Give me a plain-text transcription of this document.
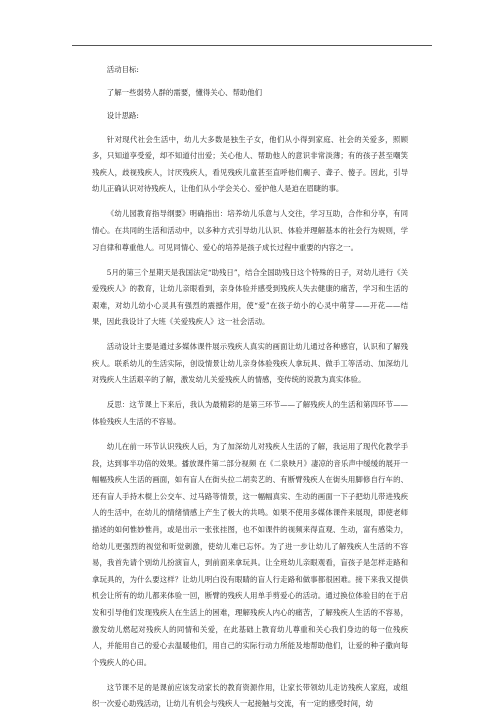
活动目标:

了解一些弱势人群的需要，懂得关心、帮助他们

设计思路:

针对现代社会生活中，幼儿大多数是独生子女，他们从小得到家庭、社会的关爱多，照顾多，只知道享受爱，却不知道付出爱；关心他人、帮助他人的意识非常淡薄；有的孩子甚至嘲笑残疾人，歧视残疾人，讨厌残疾人，看见残疾儿童甚至直呼他们瘸子、聋子、傻子。因此，引导幼儿正确认识对待残疾人，让他们从小学会关心、爱护他人是迫在眉睫的事。

《幼儿园教育指导纲要》明确指出：培养幼儿乐意与人交往，学习互助，合作和分享，有同情心。在共同的生活和活动中，以多种方式引导幼儿认识、体验并理解基本的社会行为规则，学习自律和尊重他人。可见同情心、爱心的培养是孩子成长过程中重要的内容之一。

5月的第三个星期天是我国法定“助残日”，结合全国助残日这个特殊的日子，对幼儿进行《关爱残疾人》的教育，让幼儿亲眼看到，亲身体验并感受到残疾人失去健康的痛苦，学习和生活的艰难，对幼儿幼小心灵具有强烈的震撼作用，使“爱”在孩子幼小的心灵中萌芽——开花——结果，因此我设计了大班《关爱残疾人》这一社会活动。

活动设计主要是通过多媒体课件展示残疾人真实的画面让幼儿通过各种感官，认识和了解残疾人。联系幼儿的生活实际，创设情景让幼儿亲身体验残疾人拿玩具、做手工等活动、加深幼儿对残疾人生活艰辛的了解，激发幼儿关爱残疾人的情感，变传统的说教为真实体验。

反思：这节课上下来后，我认为最精彩的是第三环节——了解残疾人的生活和第四环节——体验残疾人生活的不容易。

幼儿在前一环节认识残疾人后，为了加深幼儿对残疾人生活的了解，我运用了现代化教学手段，达到事半功倍的效果。播放课件第二部分视频 在《二泉映月》凄凉的音乐声中缓缓的展开一幅幅残疾人生活的画面，如有盲人在街头拉二胡卖艺的、有断臂残疾人在街头用脚修自行车的、还有盲人手持木棍上公交车、过马路等情景，这一幅幅真实、生动的画面一下子把幼儿带进残疾人的生活中，在幼儿的情绪情感上产生了极大的共鸣。如果不使用多媒体课件来展现，即使老师描述的如何惟妙惟肖，或是出示一张张挂图，也不如课件的视频来得直观、生动，富有感染力，给幼儿更强烈的视觉和听觉刺激，使幼儿难已忘怀。为了进一步让幼儿了解残疾人生活的不容易，我首先请个别幼儿扮演盲人，到前面来拿玩具。让全班幼儿亲眼观看，盲孩子是怎样走路和拿玩具的，为什么要这样？让幼儿明白没有眼睛的盲人行走路和做事都很困难。接下来我又提供机会让所有的幼儿都来体验一回，断臂的残疾人用单手剪爱心的活动。通过换位体验目的在于启发和引导他们发现残疾人在生活上的困难，理解残疾人内心的痛苦，了解残疾人生活的不容易，激发幼儿燃起对残疾人的同情和关爱，在此基础上教育幼儿尊重和关心我们身边的每一位残疾人，并能用自己的爱心去温暖他们，用自己的实际行动力所能及地帮助他们，让爱的种子撒向每个残疾人的心田。

这节课不足的是课前应该发动家长的教育资源作用，让家长带领幼儿走访残疾人家庭，或组织一次爱心助残活动，让幼儿有机会与残疾人一起接触与交流，有一定的感受时间，幼
